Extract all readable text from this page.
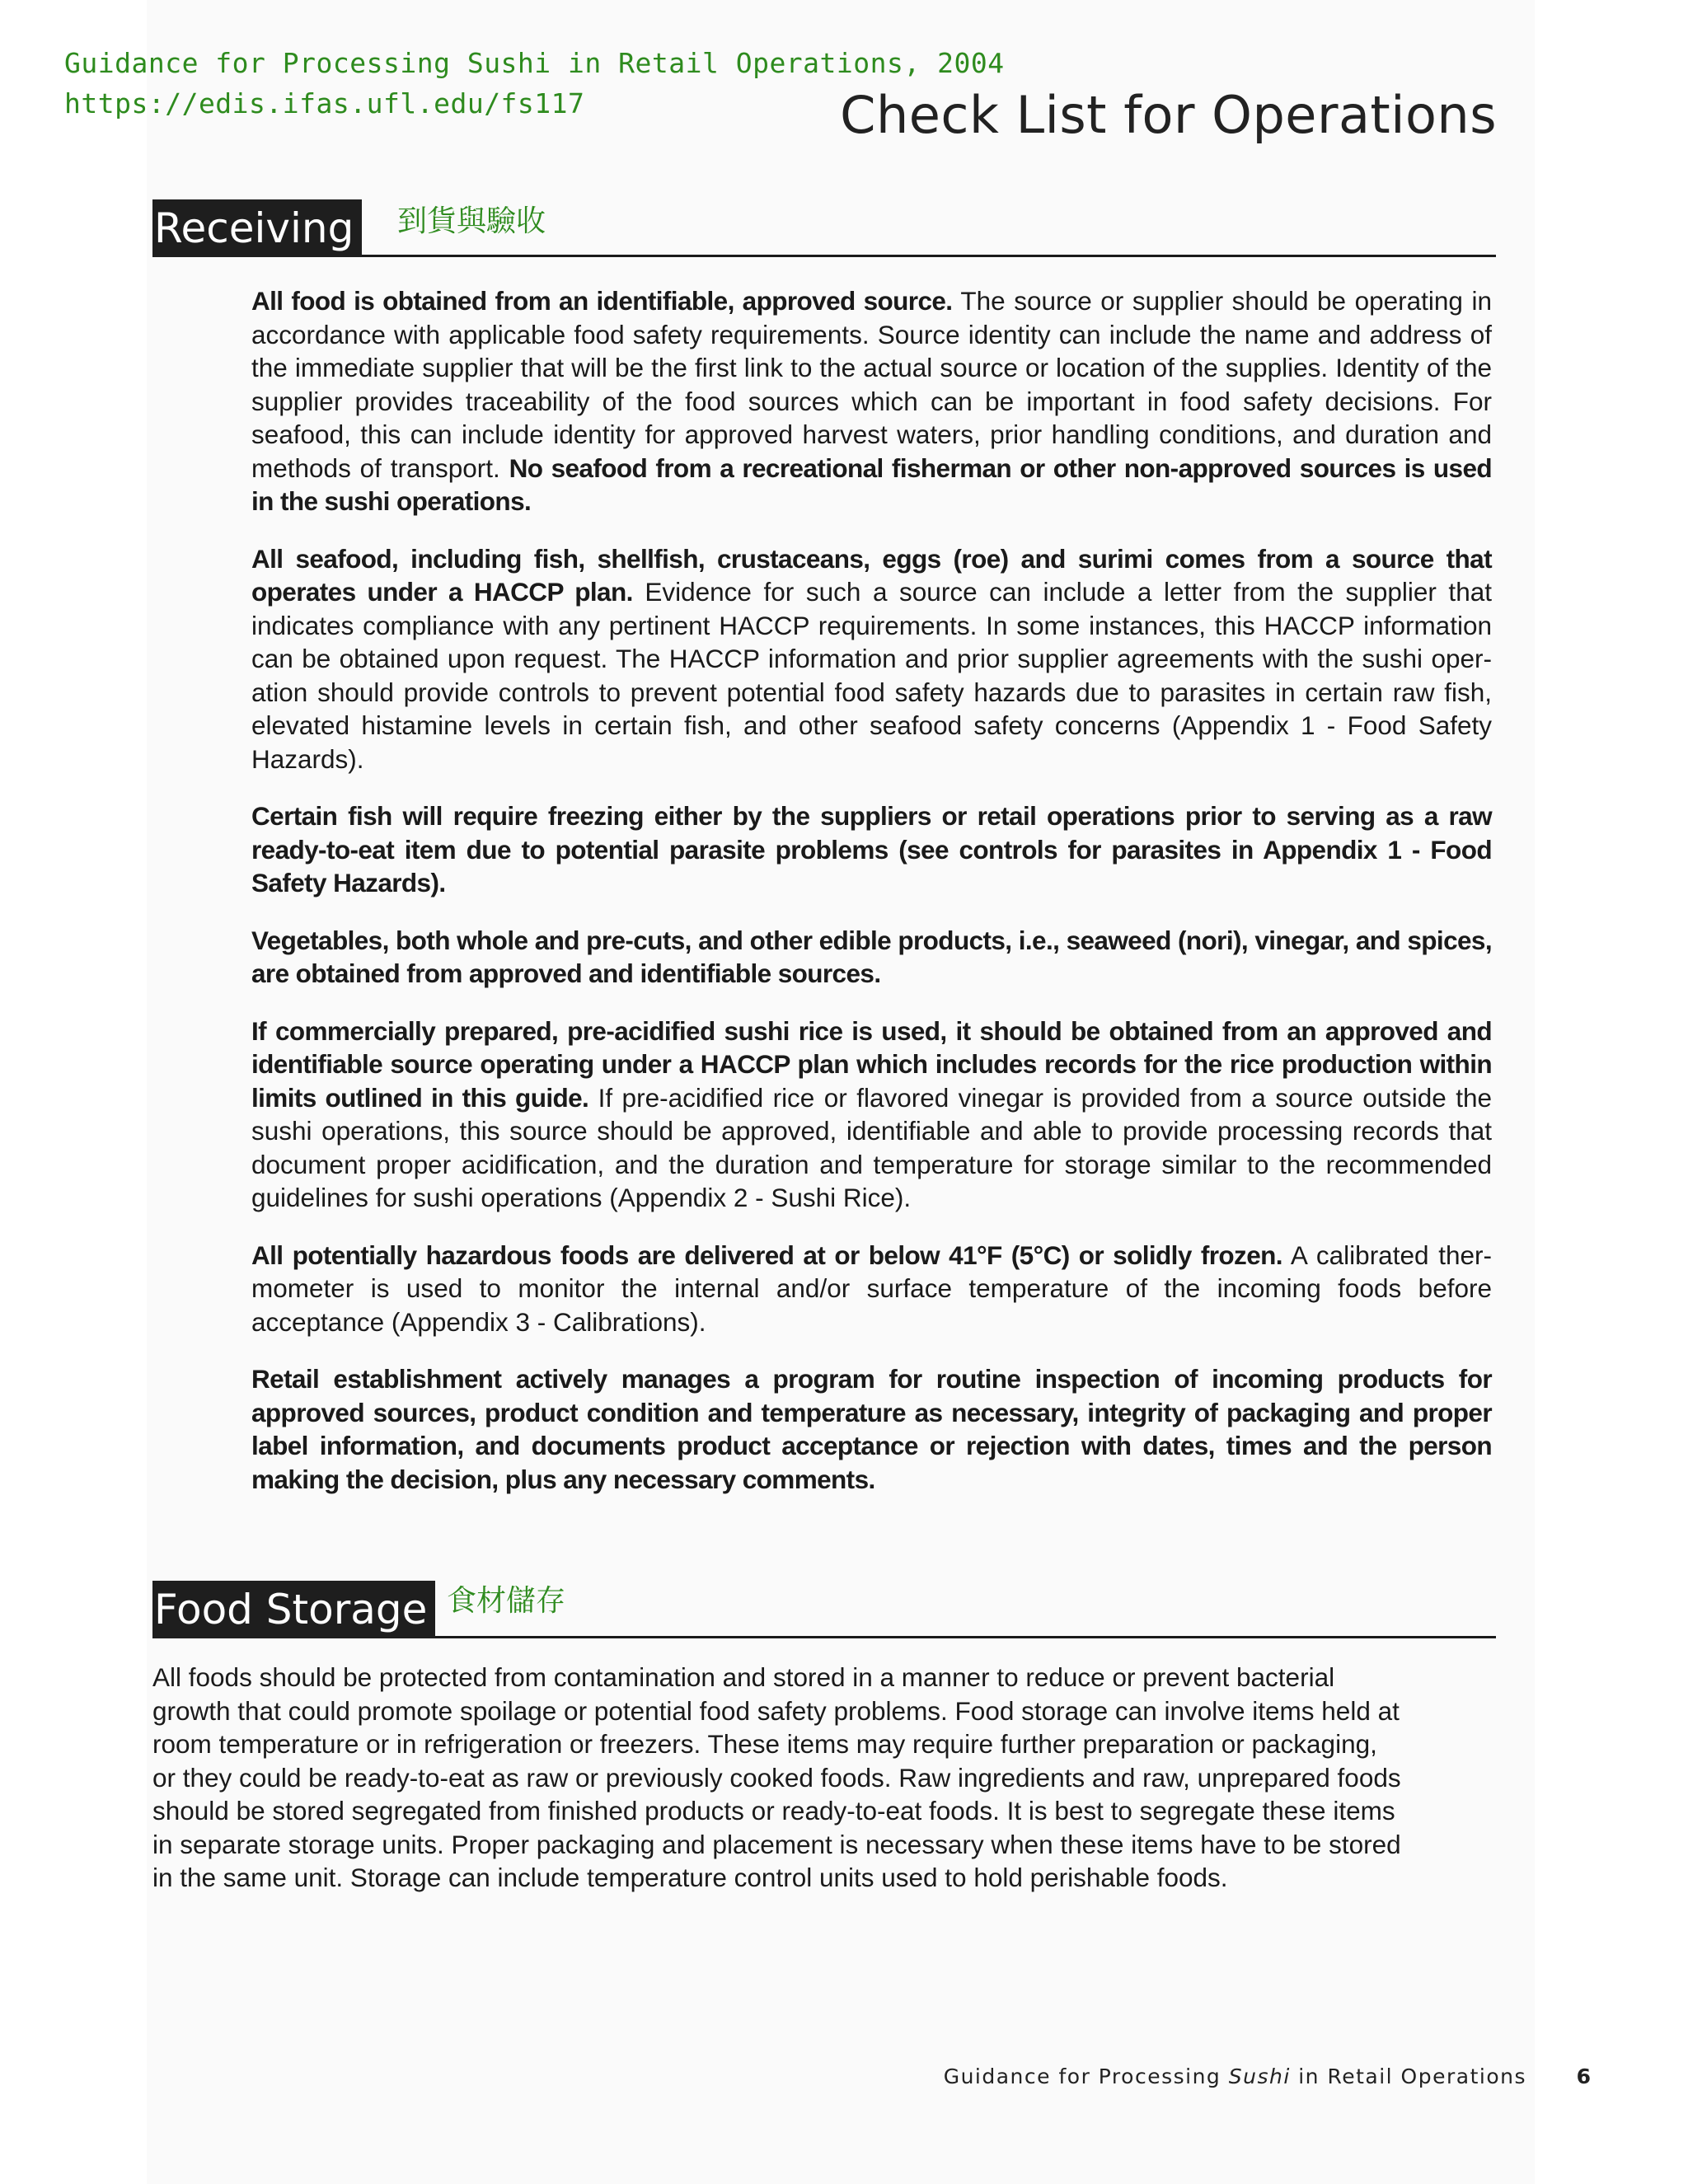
Guidance for Processing Sushi in Retail Operations, 2004
https://edis.ifas.ufl.edu/fs117	Check List for Operations
Receiving 到貨與驗收

All food is obtained from an identifiable, approved source. The source or supplier should be operating in accordance with applicable food safety requirements. Source identity can include the name and address of the immediate supplier that will be the first link to the actual source or location of the supplies. Identity of the supplier provides traceability of the food sources which can be important in food safety decisions. For seafood, this can include identity for approved harvest waters, prior handling conditions, and duration and methods of transport. No seafood from a recreational fisherman or other non-approved sources is used in the sushi operations.

All seafood, including fish, shellfish, crustaceans, eggs (roe) and surimi comes from a source that operates under a HACCP plan. Evidence for such a source can include a letter from the supplier that indicates compliance with any pertinent HACCP requirements. In some instances, this HACCP information can be obtained upon request. The HACCP information and prior supplier agreements with the sushi operation should provide controls to prevent potential food safety hazards due to parasites in certain raw fish, elevated histamine levels in certain fish, and other seafood safety concerns (Appendix 1 - Food Safety Hazards).

Certain fish will require freezing either by the suppliers or retail operations prior to serving as a raw ready-to-eat item due to potential parasite problems (see controls for parasites in Appendix 1 - Food Safety Hazards).

Vegetables, both whole and pre-cuts, and other edible products, i.e., seaweed (nori), vinegar, and spices, are obtained from approved and identifiable sources.

If commercially prepared, pre-acidified sushi rice is used, it should be obtained from an approved and identifiable source operating under a HACCP plan which includes records for the rice production within limits outlined in this guide. If pre-acidified rice or flavored vinegar is provided from a source outside the sushi operations, this source should be approved, identifiable and able to provide processing records that document proper acidification, and the duration and temperature for storage similar to the recommended guidelines for sushi operations (Appendix 2 - Sushi Rice).

All potentially hazardous foods are delivered at or below 41°F (5°C) or solidly frozen. A calibrated thermometer is used to monitor the internal and/or surface temperature of the incoming foods before acceptance (Appendix 3 - Calibrations).

Retail establishment actively manages a program for routine inspection of incoming products for approved sources, product condition and temperature as necessary, integrity of packaging and proper label information, and documents product acceptance or rejection with dates, times and the person making the decision, plus any necessary comments.

Food Storage 食材儲存
All foods should be protected from contamination and stored in a manner to reduce or prevent bacterial
growth that could promote spoilage or potential food safety problems. Food storage can involve items held at
room temperature or in refrigeration or freezers. These items may require further preparation or packaging,
or they could be ready-to-eat as raw or previously cooked foods. Raw ingredients and raw, unprepared foods
should be stored segregated from finished products or ready-to-eat foods. It is best to segregate these items
in separate storage units. Proper packaging and placement is necessary when these items have to be stored
in the same unit. Storage can include temperature control units used to hold perishable foods.
Guidance for Processing Sushi in Retail Operations 6
